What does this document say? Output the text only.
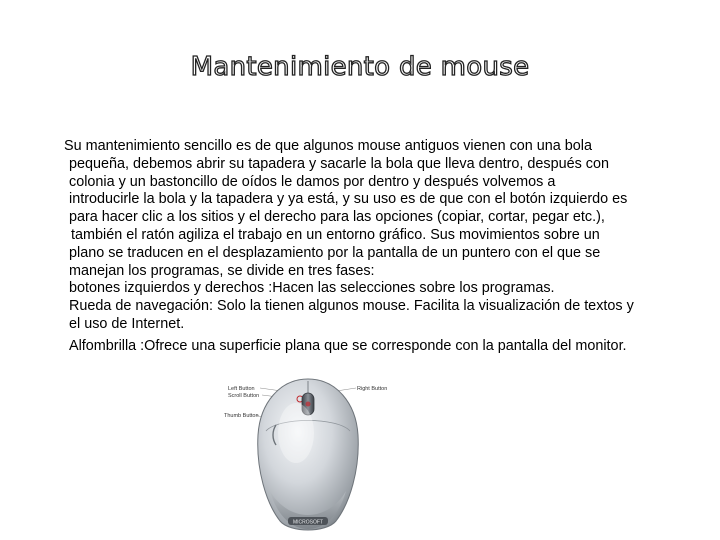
Mantenimiento de mouse
Su mantenimiento sencillo es de que algunos mouse antiguos vienen con una bola
pequeña, debemos abrir su tapadera y sacarle la bola que lleva dentro, después con
colonia y un bastoncillo de oídos le damos por dentro y después volvemos a
introducirle la bola y la tapadera y ya está, y su uso es de que con el botón izquierdo es
para hacer clic a los sitios y el derecho para las opciones (copiar, cortar, pegar etc.),
también el ratón agiliza el trabajo en un entorno gráfico. Sus movimientos sobre un
plano se traducen en el desplazamiento por la pantalla de un puntero con el que se
manejan los programas, se divide en tres fases:
botones izquierdos y derechos :Hacen las selecciones sobre los programas.
Rueda de navegación: Solo la tienen algunos mouse. Facilita la visualización de textos y
el uso de Internet.
Alfombrilla :Ofrece una superficie plana que se corresponde con la pantalla del monitor.
Left Button
Scroll Button
Thumb Button
Right Button
MICROSOFT
